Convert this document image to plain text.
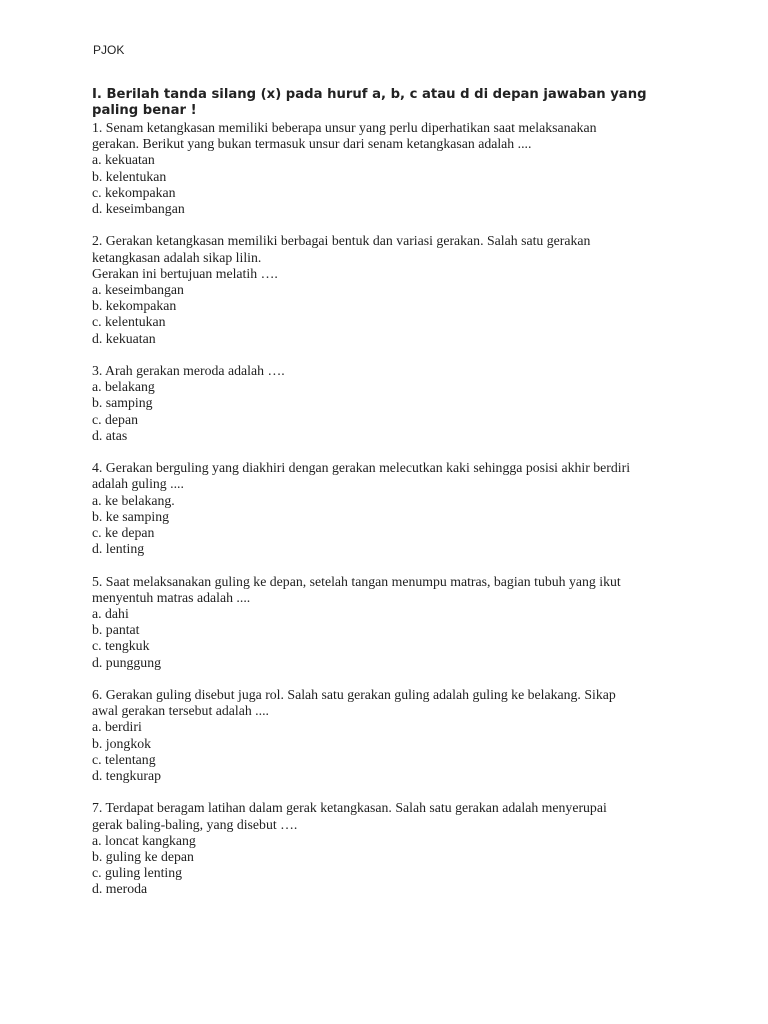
PJOK
I. Berilah tanda silang (x) pada huruf a, b, c atau d di depan jawaban yang paling benar !

1. Senam ketangkasan memiliki beberapa unsur yang perlu diperhatikan saat melaksanakan
gerakan. Berikut yang bukan termasuk unsur dari senam ketangkasan adalah ....

a. kekuatan

b. kelentukan

c. kekompakan

d. keseimbangan

2. Gerakan ketangkasan memiliki berbagai bentuk dan variasi gerakan. Salah satu gerakan
ketangkasan adalah sikap lilin.
Gerakan ini bertujuan melatih ….

a. keseimbangan

b. kekompakan

c. kelentukan

d. kekuatan

3. Arah gerakan meroda adalah ….

a. belakang

b. samping

c. depan

d. atas

4. Gerakan berguling yang diakhiri dengan gerakan melecutkan kaki sehingga posisi akhir berdiri
adalah guling ....

a. ke belakang.

b. ke samping

c. ke depan

d. lenting

5. Saat melaksanakan guling ke depan, setelah tangan menumpu matras, bagian tubuh yang ikut
menyentuh matras adalah ....

a. dahi

b. pantat

c. tengkuk

d. punggung

6. Gerakan guling disebut juga rol. Salah satu gerakan guling adalah guling ke belakang. Sikap
awal gerakan tersebut adalah ....

a. berdiri

b. jongkok

c. telentang

d. tengkurap

7. Terdapat beragam latihan dalam gerak ketangkasan. Salah satu gerakan adalah menyerupai
gerak baling-baling, yang disebut ….

a. loncat kangkang

b. guling ke depan

c. guling lenting

d. meroda
